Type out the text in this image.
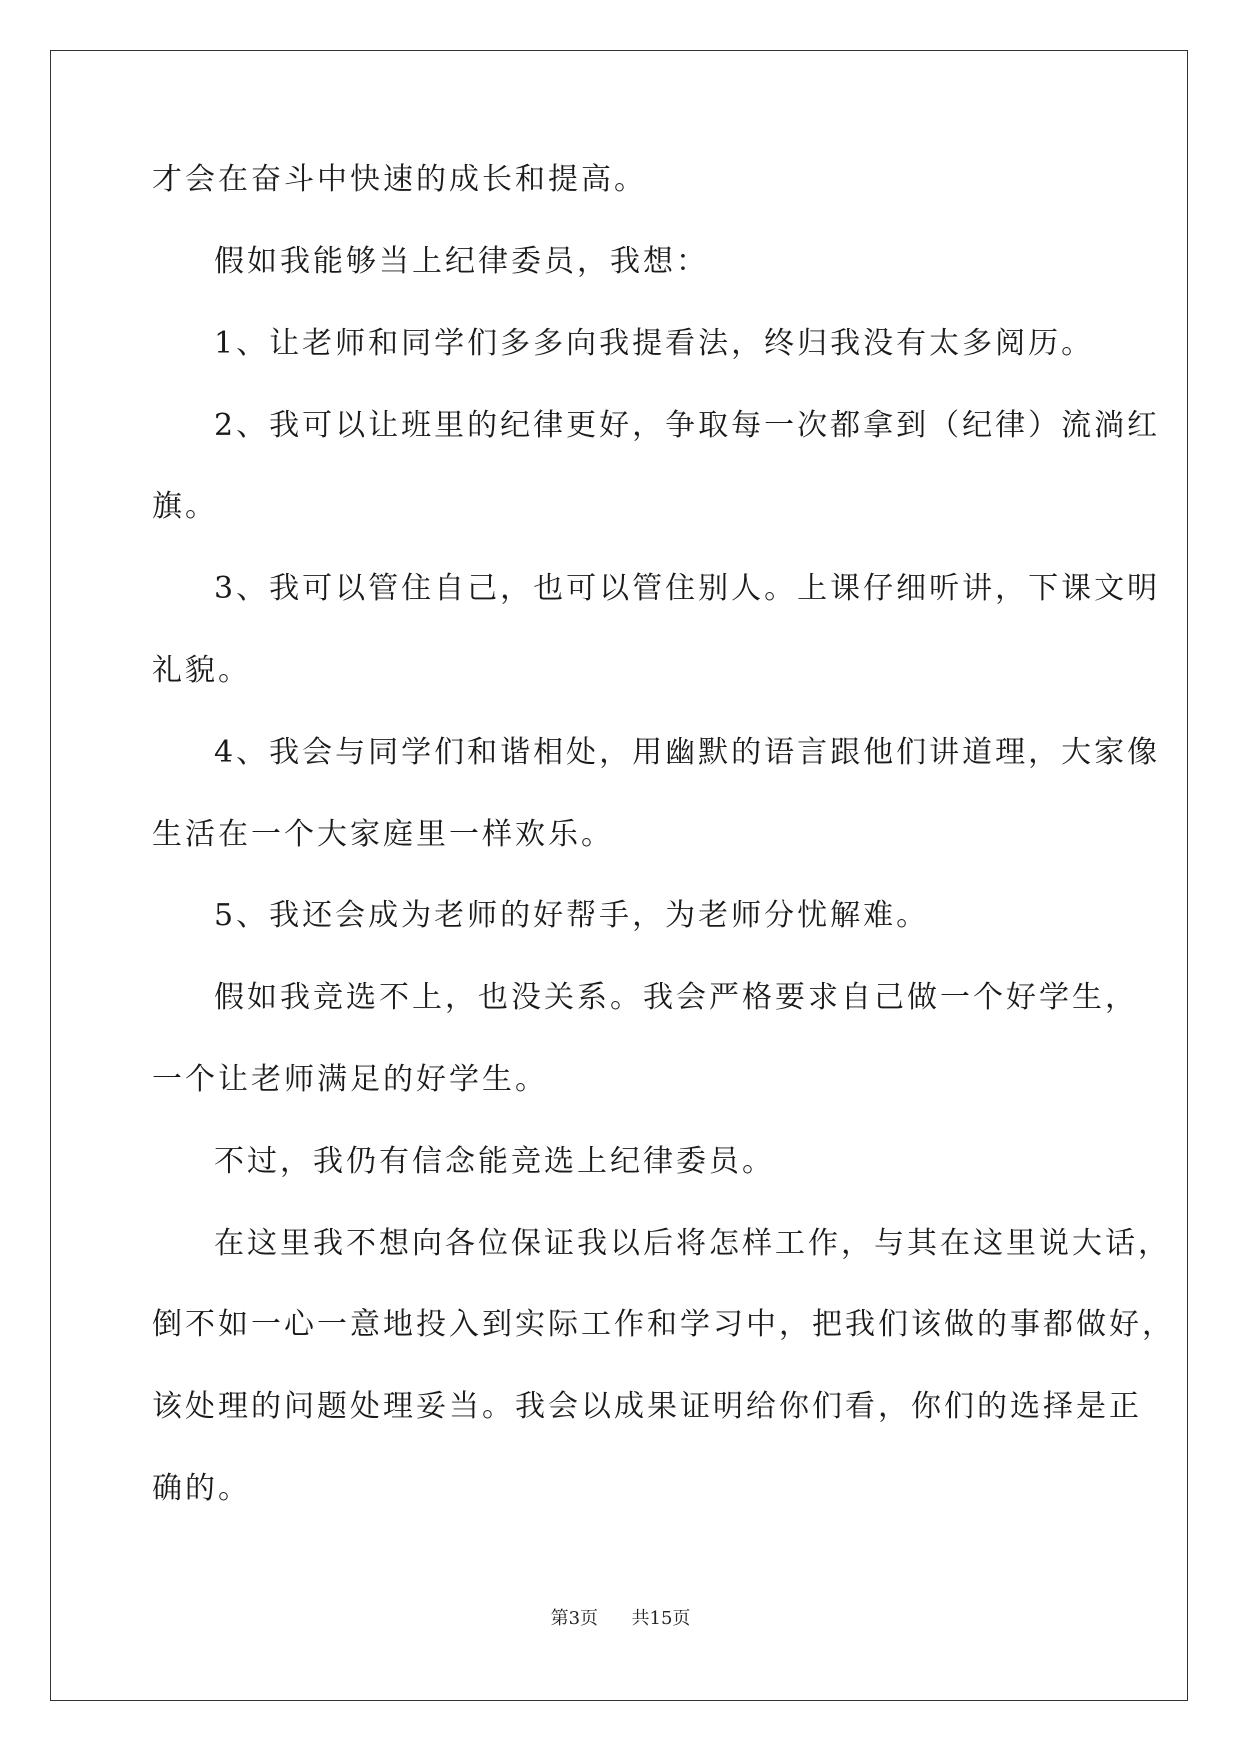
才会在奋斗中快速的成长和提高。
假如我能够当上纪律委员，我想：
1、让老师和同学们多多向我提看法，终归我没有太多阅历。
2、我可以让班里的纪律更好，争取每一次都拿到（纪律）流淌红
旗。
3、我可以管住自己，也可以管住别人。上课仔细听讲，下课文明
礼貌。
4、我会与同学们和谐相处，用幽默的语言跟他们讲道理，大家像
生活在一个大家庭里一样欢乐。
5、我还会成为老师的好帮手，为老师分忧解难。
假如我竞选不上，也没关系。我会严格要求自己做一个好学生，
一个让老师满足的好学生。
不过，我仍有信念能竞选上纪律委员。
在这里我不想向各位保证我以后将怎样工作，与其在这里说大话，
倒不如一心一意地投入到实际工作和学习中，把我们该做的事都做好，
该处理的问题处理妥当。我会以成果证明给你们看，你们的选择是正
确的。
第3页 共15页
